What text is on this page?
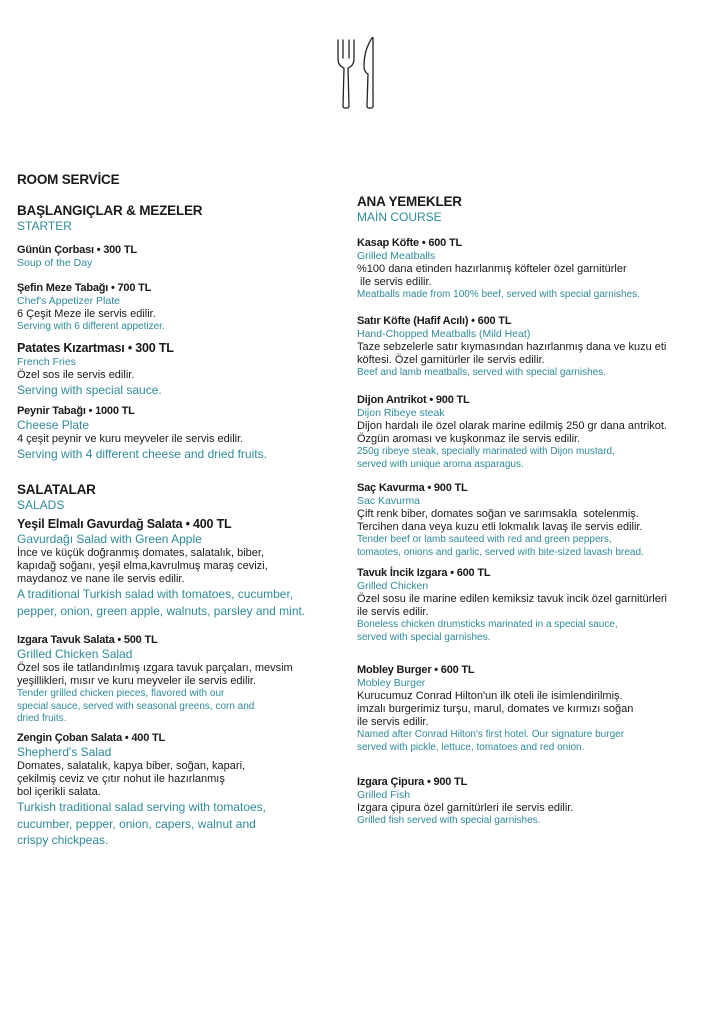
ROOM SERVİCE
BAŞLANGIÇLAR & MEZELER
STARTER
Günün Çorbası • 300 TL
Soup of the Day
Şefin Meze Tabağı • 700 TL
Chef's Appetizer Plate
6 Çeşit Meze ile servis edilir.
Serving with 6 different appetizer.
Patates Kızartması • 300 TL
French Fries
Özel sos ile servis edilir.
Serving with special sauce.
Peynir Tabağı • 1000 TL
Cheese Plate
4 çeşit peynir ve kuru meyveler ile servis edilir.
Serving with 4 different cheese and dried fruits.
SALATALAR
SALADS
Yeşil Elmalı Gavurdağ Salata • 400 TL
Gavurdağı Salad with Green Apple
İnce ve küçük doğranmış domates, salatalık, biber,
kapıdağ soğanı, yeşil elma,kavrulmuş maraş cevizi,
maydanoz ve nane ile servis edilir.
A traditional Turkish salad with tomatoes, cucumber,
pepper, onion, green apple, walnuts, parsley and mint.
Izgara Tavuk Salata • 500 TL
Grilled Chicken Salad
Özel sos ile tatlandırılmış ızgara tavuk parçaları, mevsim
yeşillikleri, mısır ve kuru meyveler ile servis edilir.
Tender grilled chicken pieces, flavored with our
special sauce, served with seasonal greens, corn and
dried fruits.
Zengin Çoban Salata • 400 TL
Shepherd's Salad
Domates, salatalık, kapya biber, soğan, kapari,
çekilmiş ceviz ve çıtır nohut ile hazırlanmış
bol içerikli salata.
Turkish traditional salad serving with tomatoes,
cucumber, pepper, onion, capers, walnut and
crispy chickpeas.
ANA YEMEKLER
MAİN COURSE
Kasap Köfte • 600 TL
Grilled Meatballs
%100 dana etinden hazırlanmış köfteler özel garnitürler
ile servis edilir.
Meatballs made from 100% beef, served with special garnishes.
Satır Köfte (Hafif Acılı) • 600 TL
Hand-Chopped Meatballs (Mild Heat)
Taze sebzelerle satır kıymasından hazırlanmış dana ve kuzu eti
köftesi. Özel garnitürler ile servis edilir.
Beef and lamb meatballs, served with special garnishes.
Dijon Antrikot • 900 TL
Dijon Ribeye steak
Dijon hardalı ile özel olarak marine edilmiş 250 gr dana antrikot.
Özgün aroması ve kuşkonmaz ile servis edilir.
250g ribeye steak, specially marinated with Dijon mustard,
served with unique aroma asparagus.
Saç Kavurma • 900 TL
Sac Kavurma
Çift renk biber, domates soğan ve sarımsakla  sotelenmiş.
Tercihen dana veya kuzu etli lokmalık lavaş ile servis edilir.
Tender beef or lamb sauteed with red and green peppers,
tomaotes, onions and garlic, served with bite-sized lavash bread.
Tavuk İncik Izgara • 600 TL
Grilled Chicken
Özel sosu ile marine edilen kemiksiz tavuk incik özel garnitürleri
ile servis edilir.
Boneless chicken drumsticks marinated in a special sauce,
served with special garnishes.
Mobley Burger • 600 TL
Mobley Burger
Kurucumuz Conrad Hilton'un ilk oteli ile isimlendirilmiş.
imzalı burgerimiz turşu, marul, domates ve kırmızı soğan
ile servis edilir.
Named after Conrad Hilton's first hotel. Our signature burger
served with pickle, lettuce, tomatoes and red onion.
Izgara Çipura • 900 TL
Grilled Fish
Izgara çipura özel garnitürleri ile servis edilir.
Grilled fish served with special garnishes.
